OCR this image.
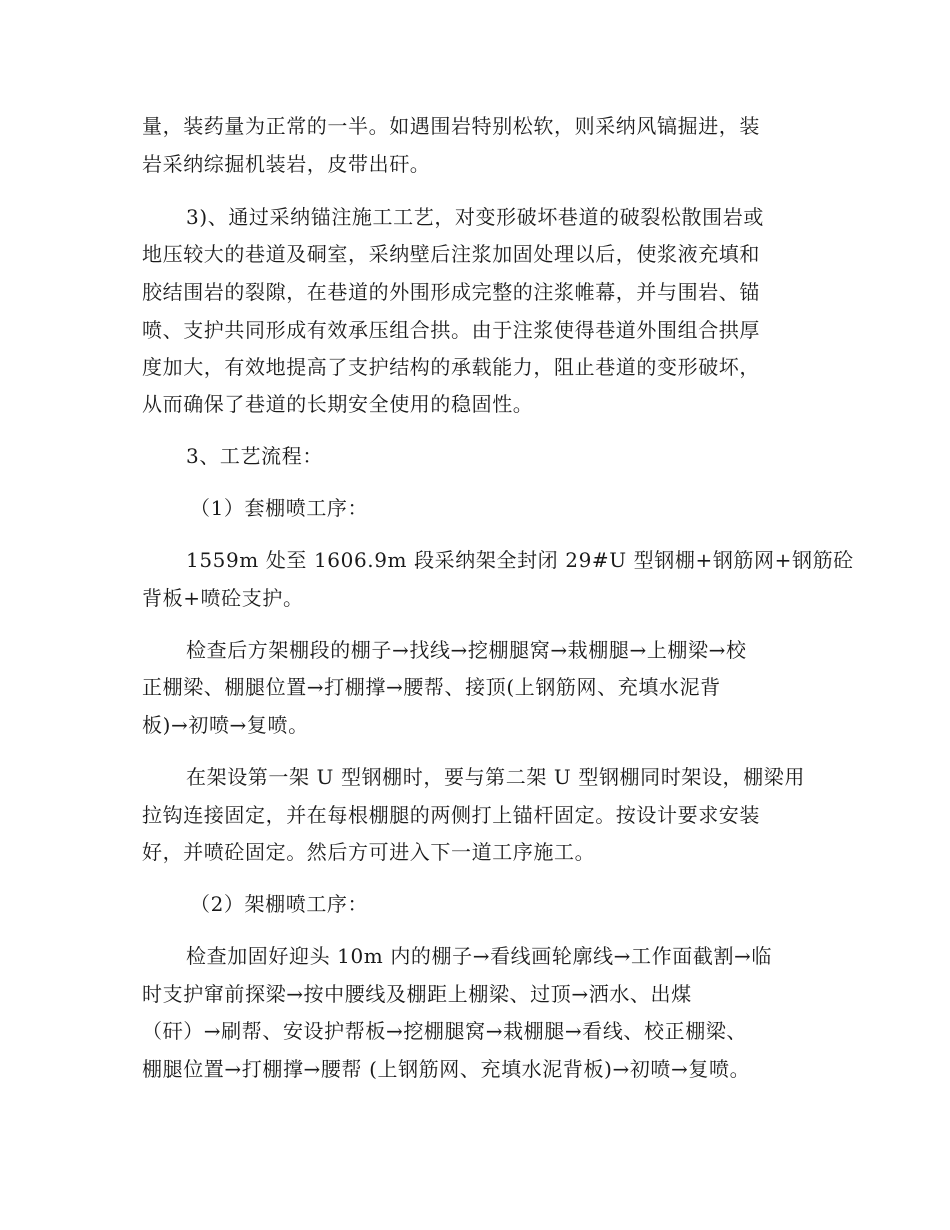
量，装药量为正常的一半。如遇围岩特别松软，则采纳风镐掘进，装
岩采纳综掘机装岩，皮带出矸。
3)、通过采纳锚注施工工艺，对变形破坏巷道的破裂松散围岩或
地压较大的巷道及硐室，采纳壁后注浆加固处理以后，使浆液充填和
胶结围岩的裂隙，在巷道的外围形成完整的注浆帷幕，并与围岩、锚
喷、支护共同形成有效承压组合拱。由于注浆使得巷道外围组合拱厚
度加大，有效地提高了支护结构的承载能力，阻止巷道的变形破坏，
从而确保了巷道的长期安全使用的稳固性。
3、工艺流程：
（1）套棚喷工序：
1559m 处至 1606.9m 段采纳架全封闭 29#U 型钢棚+钢筋网+钢筋砼
背板+喷砼支护。
检查后方架棚段的棚子→找线→挖棚腿窝→栽棚腿→上棚梁→校
正棚梁、棚腿位置→打棚撑→腰帮、接顶(上钢筋网、充填水泥背
板)→初喷→复喷。
在架设第一架 U 型钢棚时，要与第二架 U 型钢棚同时架设，棚梁用
拉钩连接固定，并在每根棚腿的两侧打上锚杆固定。按设计要求安装
好，并喷砼固定。然后方可进入下一道工序施工。
（2）架棚喷工序：
检查加固好迎头 10m 内的棚子→看线画轮廓线→工作面截割→临
时支护窜前探梁→按中腰线及棚距上棚梁、过顶→洒水、出煤
（矸）→刷帮、安设护帮板→挖棚腿窝→栽棚腿→看线、校正棚梁、
棚腿位置→打棚撑→腰帮 (上钢筋网、充填水泥背板)→初喷→复喷。
